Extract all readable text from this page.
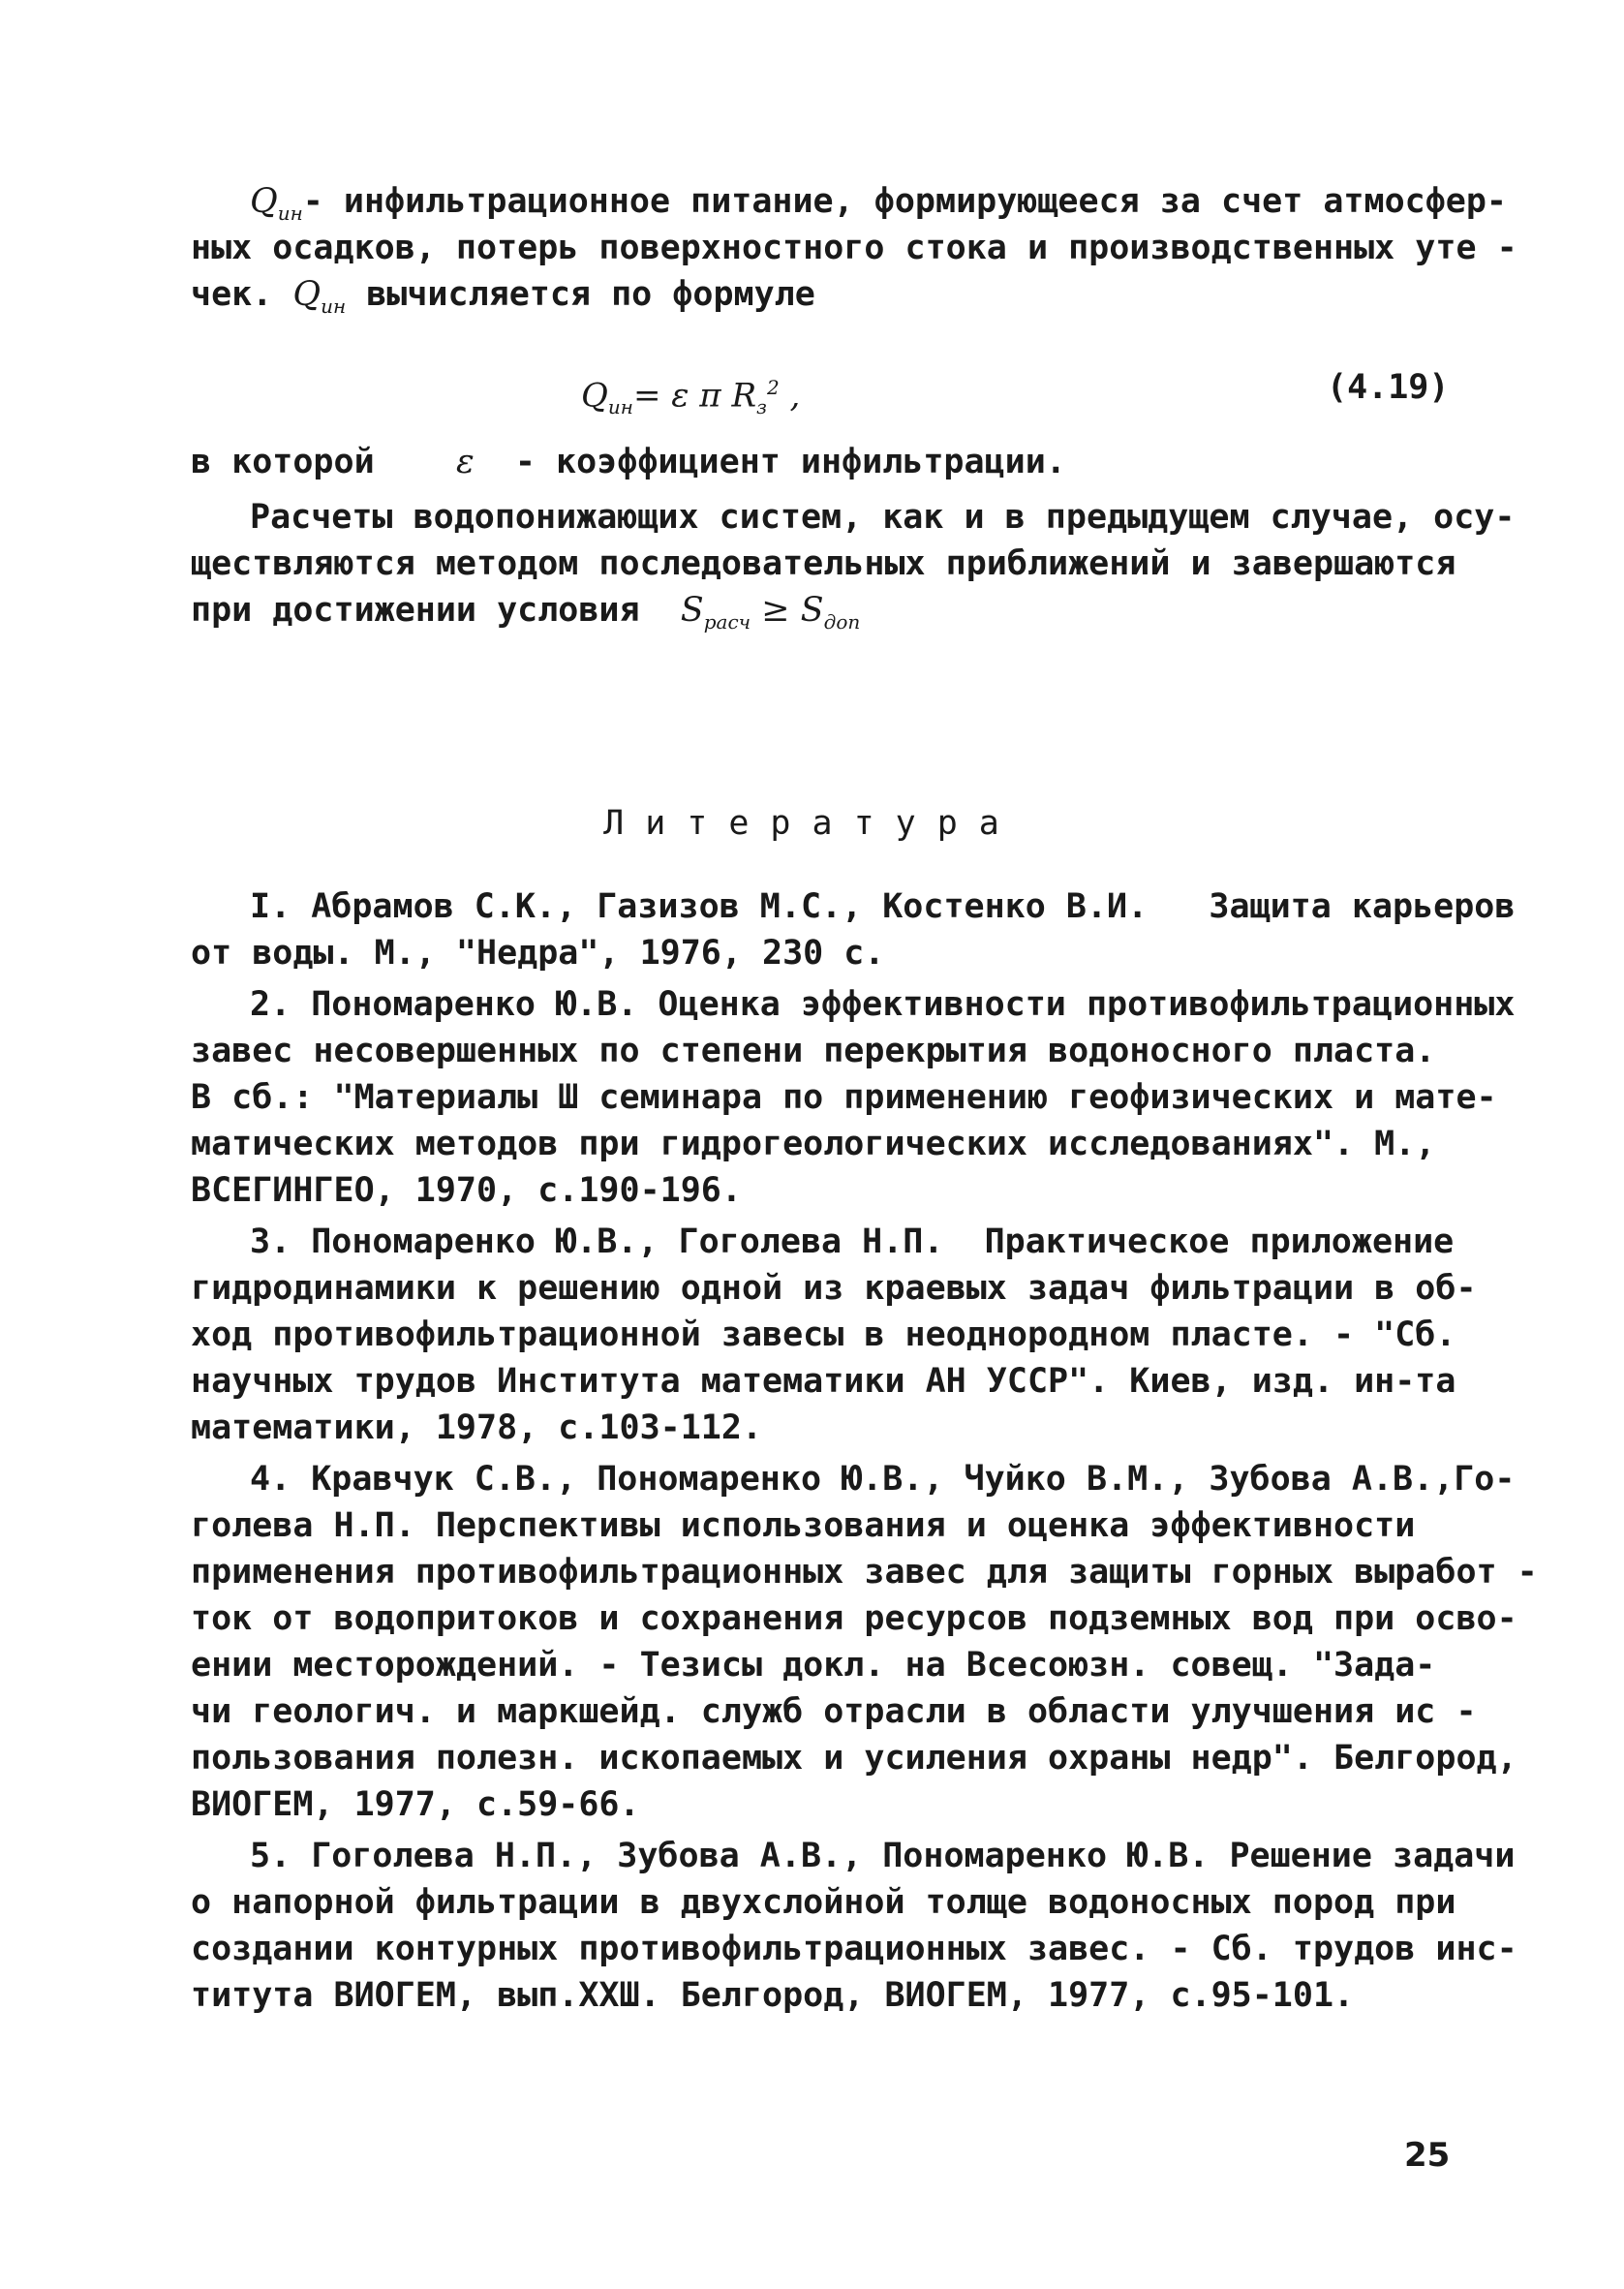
$Q_{ин}-$ инфильтрационное питание, формирующееся за счет атмосфер-
ных осадков, потерь поверхностного стока и производственных утe -
чек. $Q_{ин}$ вычисляется по формуле
$Q_{ин}= \varepsilon$ π $R_з^2$ ,	(4.19)
в которой ε - коэффициент инфильтрации.
Расчеты водопонижающих систем, как и в предыдущем случае, осу-
ществляются методом последовательных приближений и завершаются
при достижении условия $S_{расч} \ge S_{доп}$
Литература
I. Абрамов С.К., Газизов М.С., Костенко В.И.   Защита карьеров
от воды. М., "Недра", 1976, 230 с.
2. Пономаренко Ю.В. Оценка эффективности противофильтрационных
завес несовершенных по степени перекрытия водоносного пласта.
В сб.: "Материалы Ш семинара по применению геофизических и мате-
матических методов при гидрогеологических исследованиях". М.,
ВСЕГИНГЕО, 1970, с.190-196.
3. Пономаренко Ю.В., Гоголева Н.П.  Практическое приложение
гидродинамики к решению одной из краевых задач фильтрации в об-
ход противофильтрационной завесы в неоднородном пласте. - "Сб.
научных трудов Института математики АН УССР". Киев, изд. ин-та
математики, 1978, с.103-112.
4. Кравчук С.В., Пономаренко Ю.В., Чуйко В.М., Зубова А.В.,Го-
голева Н.П. Перспективы использования и оценка эффективности
применения противофильтрационных завес для защиты горных выработ -
ток от водопритоков и сохранения ресурсов подземных вод при осво-
ении месторождений. - Тезисы докл. на Всесоюзн. совещ. "Зада-
чи геологич. и маркшейд. служб отрасли в области улучшения ис -
пользования полезн. ископаемых и усиления охраны недр". Белгород,
ВИОГЕМ, 1977, с.59-66.
5. Гоголева Н.П., Зубова А.В., Пономаренко Ю.В. Решение задачи
о напорной фильтрации в двухслойной толще водоносных пород при
создании контурных противофильтрационных завес. - Сб. трудов инс-
титута ВИОГЕМ, вып.XXШ. Белгород, ВИОГЕМ, 1977, с.95-101.
25
